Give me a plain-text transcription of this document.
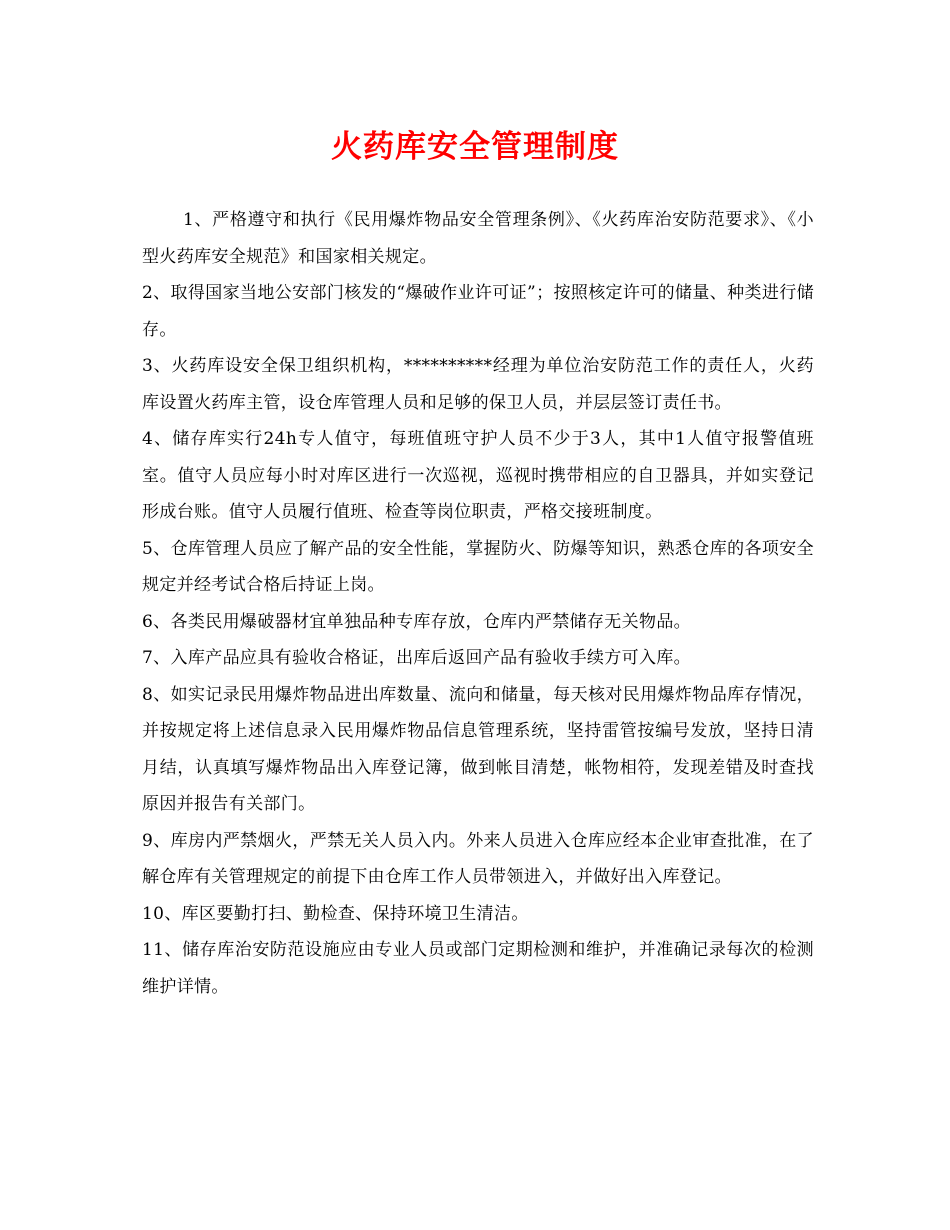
火药库安全管理制度

1、严格遵守和执行《民用爆炸物品安全管理条例》、《火药库治安防范要求》、《小型火药库安全规范》和国家相关规定。

2、取得国家当地公安部门核发的“爆破作业许可证”；按照核定许可的储量、种类进行储存。

3、火药库设安全保卫组织机构，**********经理为单位治安防范工作的责任人，火药库设置火药库主管，设仓库管理人员和足够的保卫人员，并层层签订责任书。

4、储存库实行24h专人值守，每班值班守护人员不少于3人，其中1人值守报警值班室。值守人员应每小时对库区进行一次巡视，巡视时携带相应的自卫器具，并如实登记形成台账。值守人员履行值班、检查等岗位职责，严格交接班制度。

5、仓库管理人员应了解产品的安全性能，掌握防火、防爆等知识，熟悉仓库的各项安全规定并经考试合格后持证上岗。

6、各类民用爆破器材宜单独品种专库存放，仓库内严禁储存无关物品。

7、入库产品应具有验收合格证，出库后返回产品有验收手续方可入库。

8、如实记录民用爆炸物品进出库数量、流向和储量，每天核对民用爆炸物品库存情况，并按规定将上述信息录入民用爆炸物品信息管理系统，坚持雷管按编号发放，坚持日清月结，认真填写爆炸物品出入库登记簿，做到帐目清楚，帐物相符，发现差错及时查找原因并报告有关部门。

9、库房内严禁烟火，严禁无关人员入内。外来人员进入仓库应经本企业审查批准，在了解仓库有关管理规定的前提下由仓库工作人员带领进入，并做好出入库登记。

10、库区要勤打扫、勤检查、保持环境卫生清洁。

11、储存库治安防范设施应由专业人员或部门定期检测和维护，并准确记录每次的检测维护详情。
